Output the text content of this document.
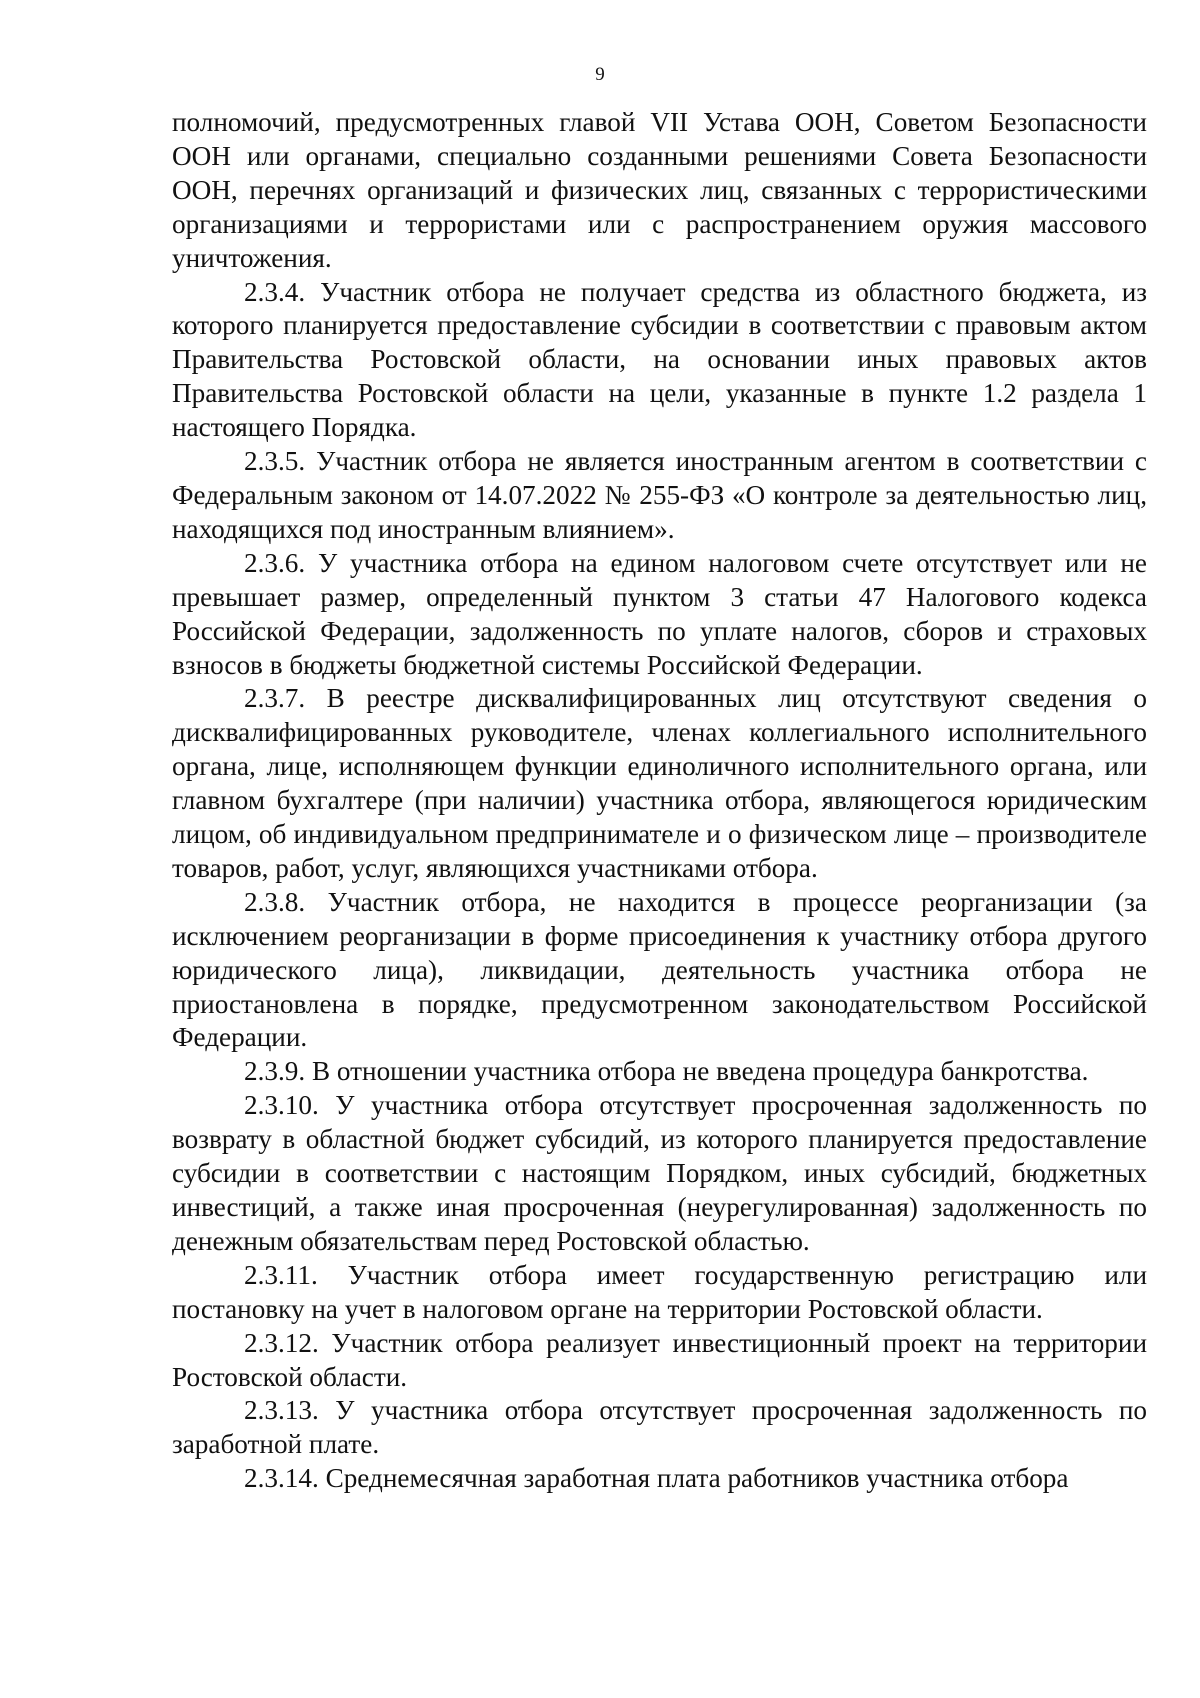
9

полномочий, предусмотренных главой VII Устава ООН, Советом Безопасности ООН или органами, специально созданными решениями Совета Безопасности ООН, перечнях организаций и физических лиц, связанных с террористическими организациями и террористами или с распространением оружия массового уничтожения.

2.3.4. Участник отбора не получает средства из областного бюджета, из которого планируется предоставление субсидии в соответствии с правовым актом Правительства Ростовской области, на основании иных правовых актов Правительства Ростовской области на цели, указанные в пункте 1.2 раздела 1 настоящего Порядка.

2.3.5. Участник отбора не является иностранным агентом в соответствии с Федеральным законом от 14.07.2022 № 255-ФЗ «О контроле за деятельностью лиц, находящихся под иностранным влиянием».

2.3.6. У участника отбора на едином налоговом счете отсутствует или не превышает размер, определенный пунктом 3 статьи 47 Налогового кодекса Российской Федерации, задолженность по уплате налогов, сборов и страховых взносов в бюджеты бюджетной системы Российской Федерации.

2.3.7. В реестре дисквалифицированных лиц отсутствуют сведения о дисквалифицированных руководителе, членах коллегиального исполнительного органа, лице, исполняющем функции единоличного исполнительного органа, или главном бухгалтере (при наличии) участника отбора, являющегося юридическим лицом, об индивидуальном предпринимателе и о физическом лице – производителе товаров, работ, услуг, являющихся участниками отбора.

2.3.8. Участник отбора, не находится в процессе реорганизации (за исключением реорганизации в форме присоединения к участнику отбора другого юридического лица), ликвидации, деятельность участника отбора не приостановлена в порядке, предусмотренном законодательством Российской Федерации.

2.3.9. В отношении участника отбора не введена процедура банкротства.

2.3.10. У участника отбора отсутствует просроченная задолженность по возврату в областной бюджет субсидий, из которого планируется предоставление субсидии в соответствии с настоящим Порядком, иных субсидий, бюджетных инвестиций, а также иная просроченная (неурегулированная) задолженность по денежным обязательствам перед Ростовской областью.

2.3.11. Участник отбора имеет государственную регистрацию или постановку на учет в налоговом органе на территории Ростовской области.

2.3.12. Участник отбора реализует инвестиционный проект на территории Ростовской области.

2.3.13. У участника отбора отсутствует просроченная задолженность по заработной плате.

2.3.14. Среднемесячная заработная плата работников участника отбора
